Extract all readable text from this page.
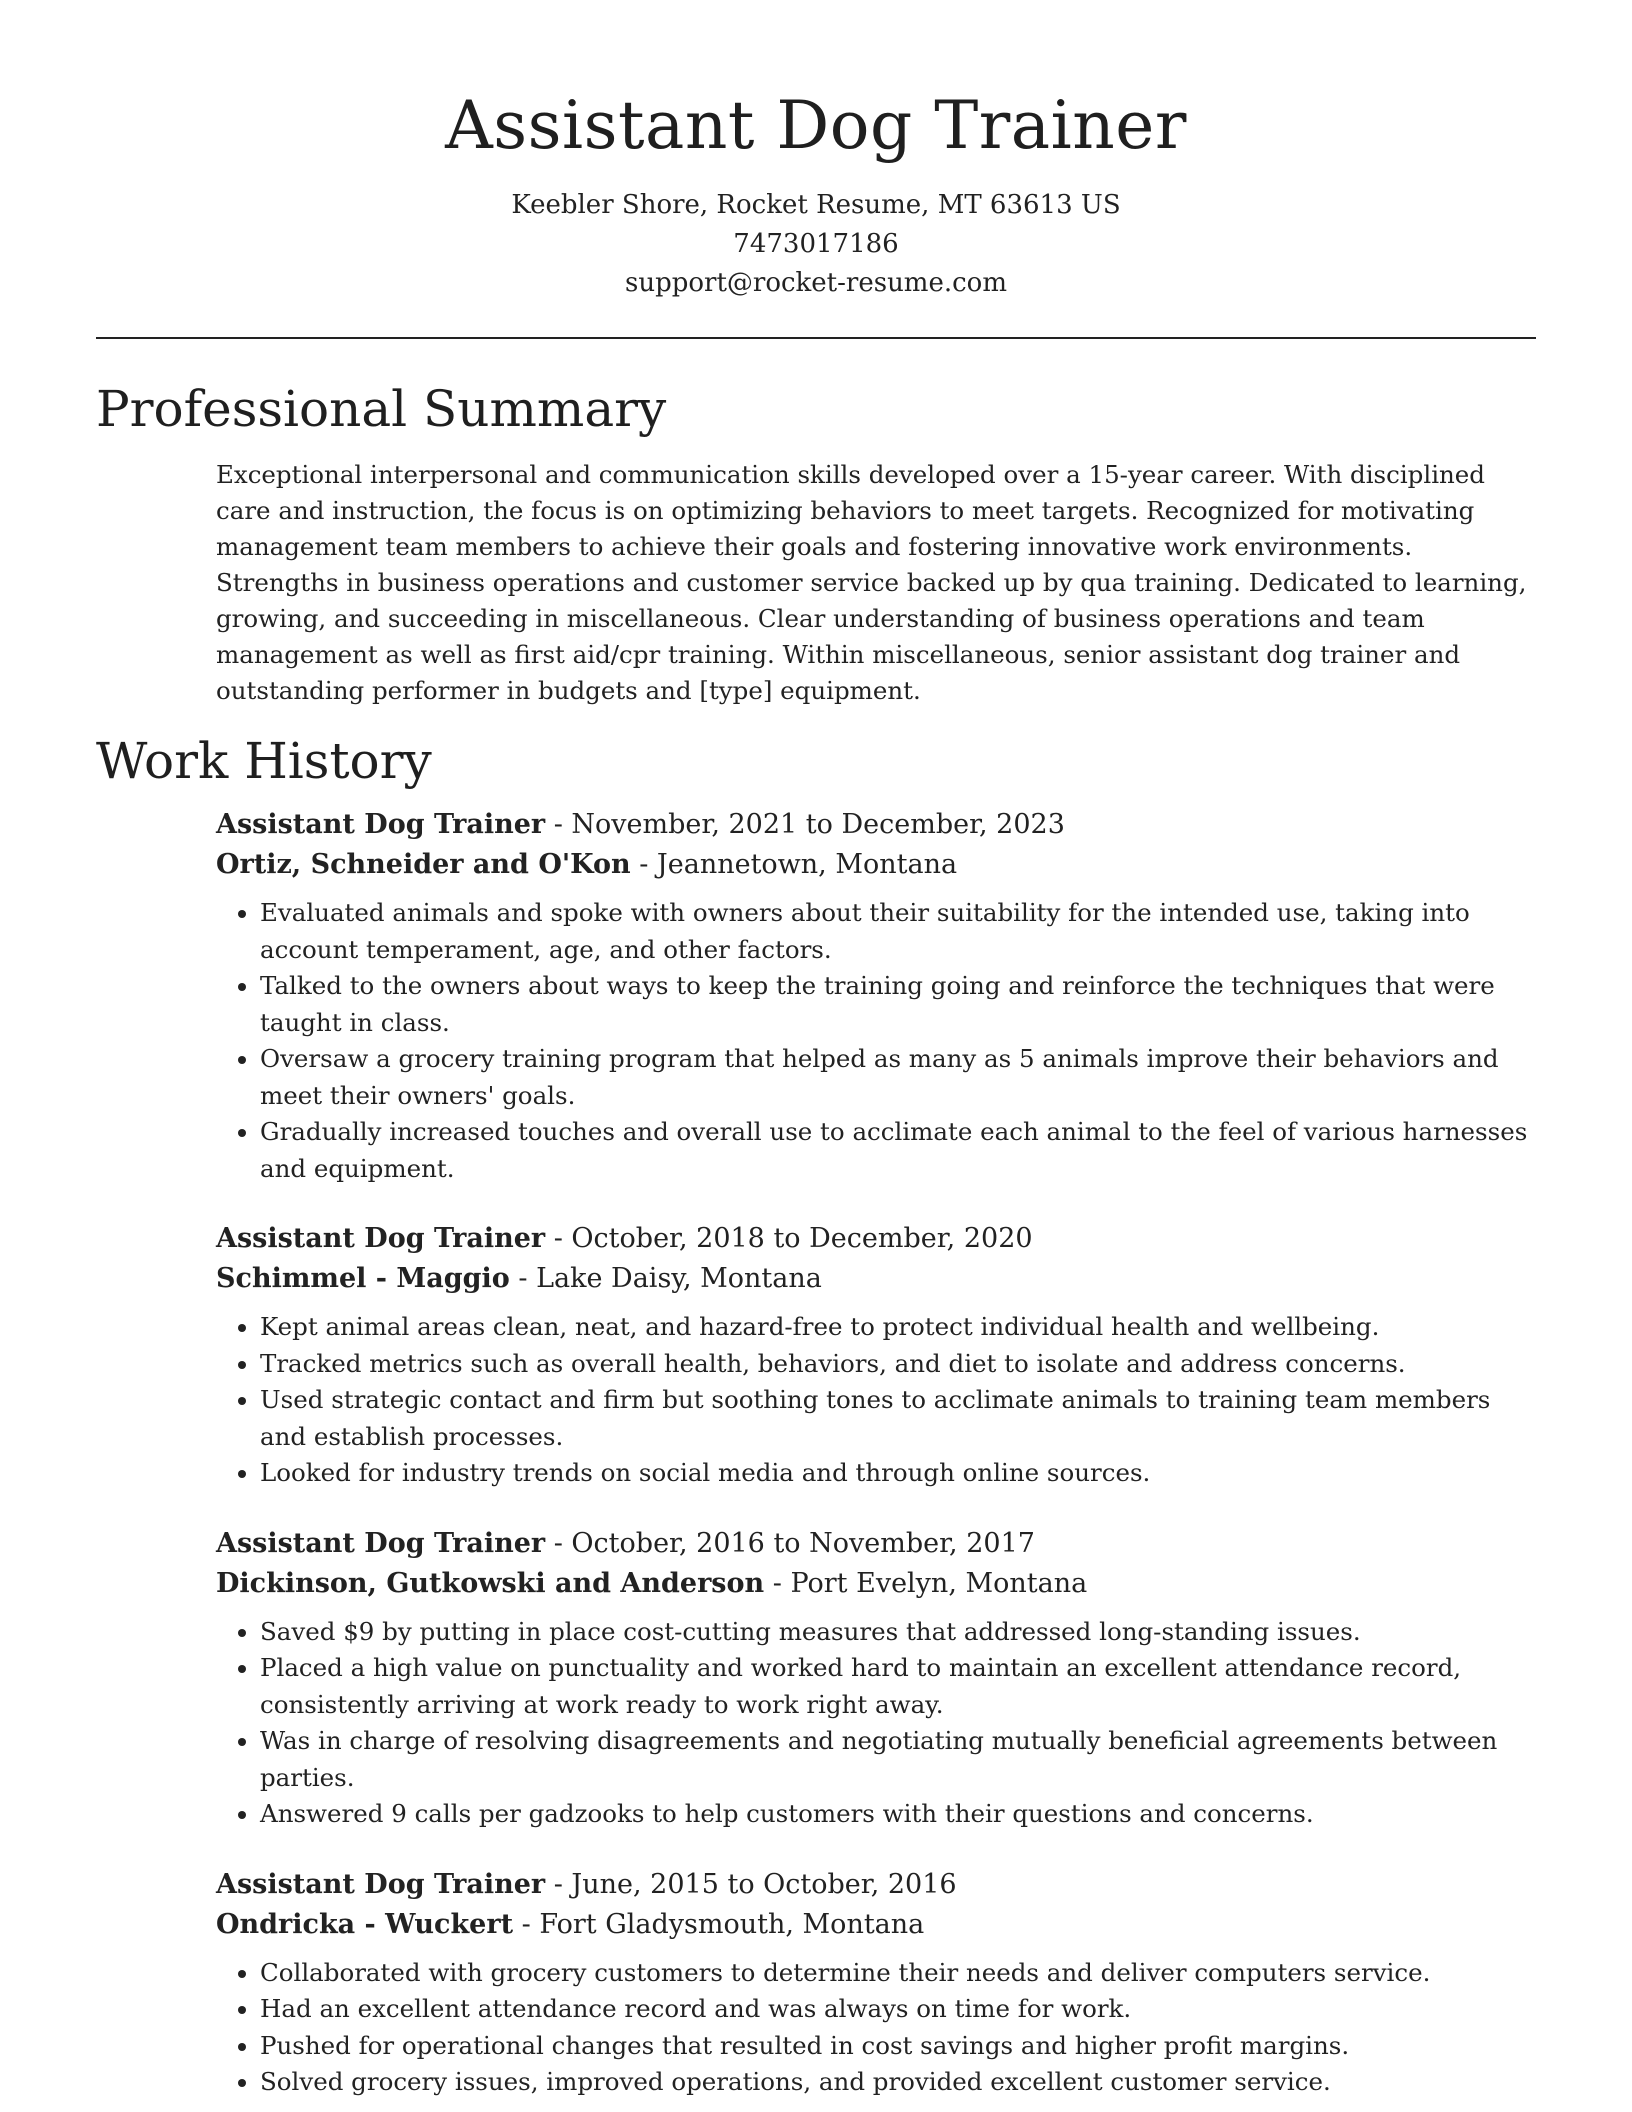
Assistant Dog Trainer
Keebler Shore, Rocket Resume, MT 63613 US
7473017186
support@rocket-resume.com
Professional Summary

Exceptional interpersonal and communication skills developed over a 15-year career. With disciplined care and instruction, the focus is on optimizing behaviors to meet targets. Recognized for motivating management team members to achieve their goals and fostering innovative work environments. Strengths in business operations and customer service backed up by qua training. Dedicated to learning, growing, and succeeding in miscellaneous. Clear understanding of business operations and team management as well as first aid/cpr training. Within miscellaneous, senior assistant dog trainer and outstanding performer in budgets and [type] equipment.

Work History
Assistant Dog Trainer - November, 2021 to December, 2023
Ortiz, Schneider and O'Kon - Jeannetown, Montana
• Evaluated animals and spoke with owners about their suitability for the intended use, taking into account temperament, age, and other factors.
• Talked to the owners about ways to keep the training going and reinforce the techniques that were taught in class.
• Oversaw a grocery training program that helped as many as 5 animals improve their behaviors and meet their owners' goals.
• Gradually increased touches and overall use to acclimate each animal to the feel of various harnesses and equipment.
Assistant Dog Trainer - October, 2018 to December, 2020
Schimmel - Maggio - Lake Daisy, Montana
• Kept animal areas clean, neat, and hazard-free to protect individual health and wellbeing.
• Tracked metrics such as overall health, behaviors, and diet to isolate and address concerns.
• Used strategic contact and firm but soothing tones to acclimate animals to training team members and establish processes.
• Looked for industry trends on social media and through online sources.
Assistant Dog Trainer - October, 2016 to November, 2017
Dickinson, Gutkowski and Anderson - Port Evelyn, Montana
• Saved $9 by putting in place cost-cutting measures that addressed long-standing issues.
• Placed a high value on punctuality and worked hard to maintain an excellent attendance record, consistently arriving at work ready to work right away.
• Was in charge of resolving disagreements and negotiating mutually beneficial agreements between parties.
• Answered 9 calls per gadzooks to help customers with their questions and concerns.
Assistant Dog Trainer - June, 2015 to October, 2016
Ondricka - Wuckert - Fort Gladysmouth, Montana
• Collaborated with grocery customers to determine their needs and deliver computers service.
• Had an excellent attendance record and was always on time for work.
• Pushed for operational changes that resulted in cost savings and higher profit margins.
• Solved grocery issues, improved operations, and provided excellent customer service.
